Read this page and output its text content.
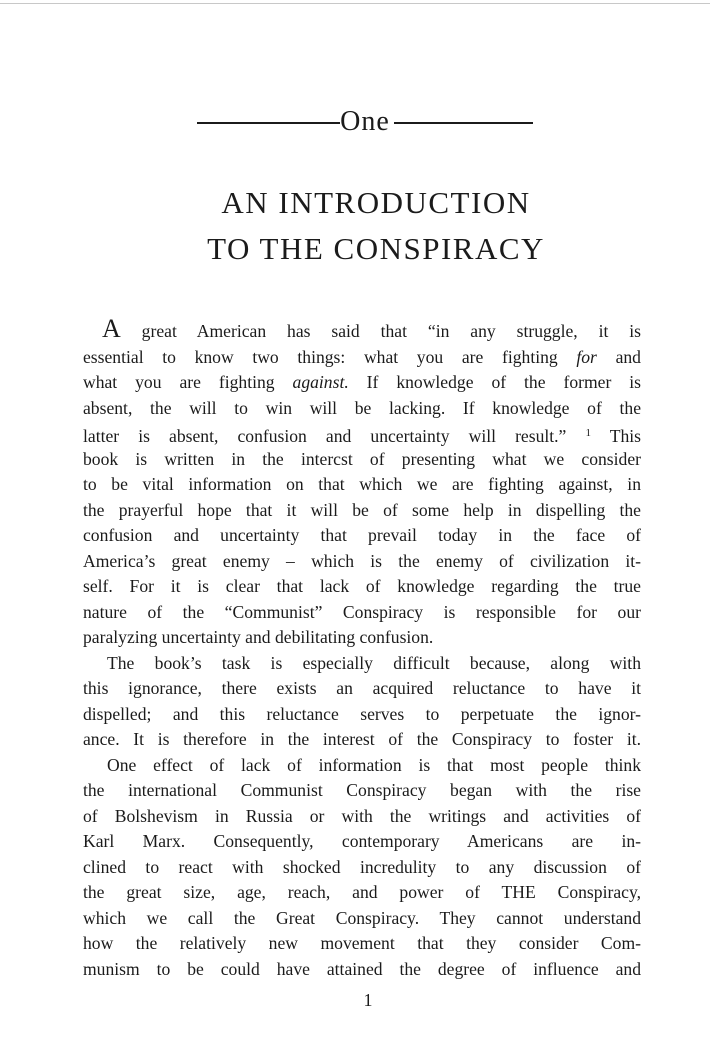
One
AN INTRODUCTION
TO THE CONSPIRACY
A great American has said that “in any struggle, it is
essential to know two things: what you are fighting for and
what you are fighting against. If knowledge of the former is
absent, the will to win will be lacking. If knowledge of the
latter is absent, confusion and uncertainty will result.” $^1$ This
book is written in the intercst of presenting what we consider
to be vital information on that which we are fighting against, in
the prayerful hope that it will be of some help in dispelling the
confusion and uncertainty that prevail today in the face of
America’s great enemy – which is the enemy of civilization it-
self. For it is clear that lack of knowledge regarding the true
nature of the “Communist” Conspiracy is responsible for our
paralyzing uncertainty and debilitating confusion.
The book’s task is especially difficult because, along with
this ignorance, there exists an acquired reluctance to have it
dispelled; and this reluctance serves to perpetuate the ignor-
ance. It is therefore in the interest of the Conspiracy to foster it.
One effect of lack of information is that most people think
the international Communist Conspiracy began with the rise
of Bolshevism in Russia or with the writings and activities of
Karl Marx. Consequently, contemporary Americans are in-
clined to react with shocked incredulity to any discussion of
the great size, age, reach, and power of THE Conspiracy,
which we call the Great Conspiracy. They cannot understand
how the relatively new movement that they consider Com-
munism to be could have attained the degree of influence and
1
